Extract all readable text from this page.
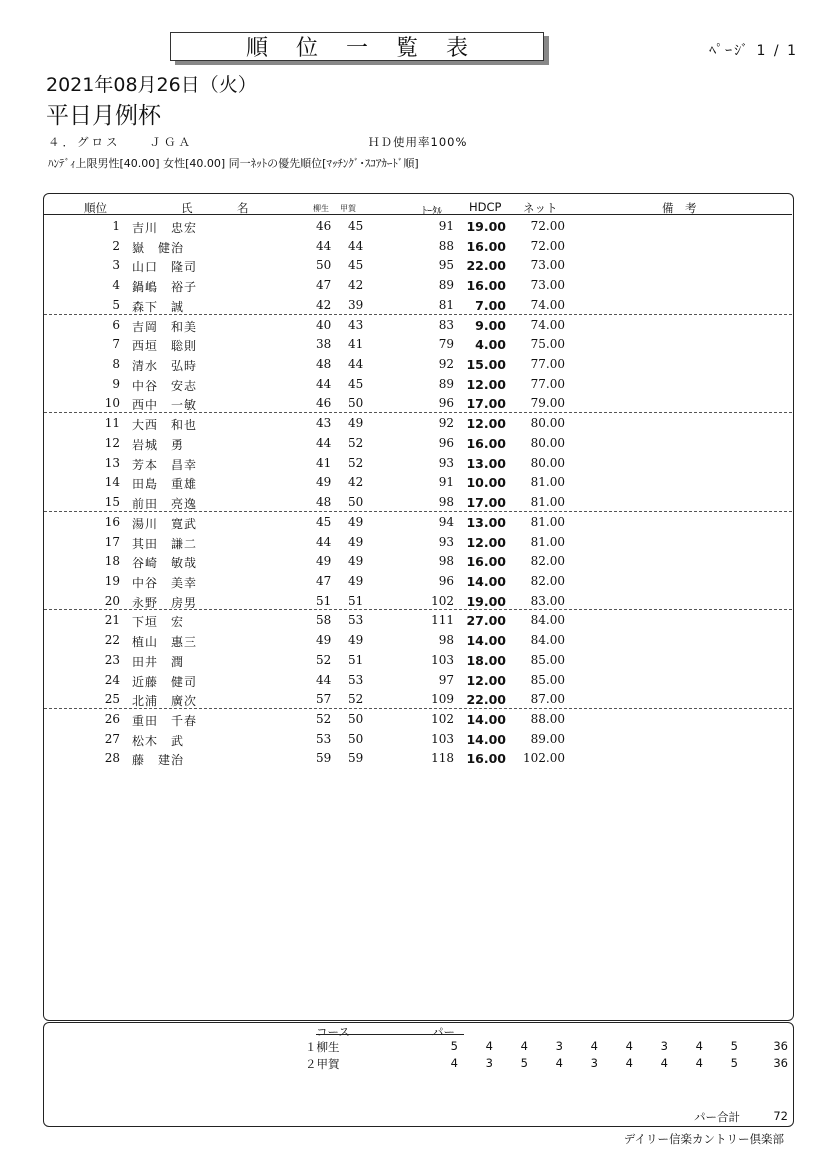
順位一覧表	ﾍﾟｰｼﾞ 1 / 1
2021年08月26日（火）
平日月例杯
４．グロス　　ＪＧＡ	ＨＤ使用率100%
ﾊﾝﾃﾞｨ上限男性[40.00] 女性[40.00] 同一ﾈｯﾄの優先順位[ﾏｯﾁﾝｸﾞ･ｽｺｱｶｰﾄﾞ順]
順位	氏	名	柳生 甲賀	ﾄｰﾀﾙ HDCP ネット	備　考
1 吉川　忠宏	46 45	91 19.00	72.00
2 嶽　健治	44 44	88 16.00	72.00
3 山口　隆司	50 45	95 22.00	73.00
4 鍋嶋　裕子	47 42	89 16.00	73.00
5 森下　誠	42 39	81	7.00	74.00
6 吉岡　和美	40 43	83	9.00	74.00
7 西垣　聡則	38 41	79	4.00	75.00
8 清水　弘時	48 44	92 15.00	77.00
9 中谷　安志	44 45	89 12.00	77.00
10 西中　一敏	46 50	96 17.00	79.00
11 大西　和也	43 49	92 12.00	80.00
12 岩城　勇	44 52	96 16.00	80.00
13 芳本　昌幸	41 52	93 13.00	80.00
14 田島　重雄	49 42	91 10.00	81.00
15 前田　亮逸	48 50	98 17.00	81.00
16 湯川　寛武	45 49	94 13.00	81.00
17 其田　謙二	44 49	93 12.00	81.00
18 谷崎　敏哉	49 49	98 16.00	82.00
19 中谷　美幸	47 49	96 14.00	82.00
20 永野　房男	51 51	102 19.00	83.00
21 下垣　宏	58 53	111 27.00	84.00
22 植山　惠三	49 49	98 14.00	84.00
23 田井　潤	52 51	103 18.00	85.00
24 近藤　健司	44 53	97 12.00	85.00
25 北浦　廣次	57 52	109 22.00	87.00
26 重田　千春	52 50	102 14.00	88.00
27 松木　武	53 50	103 14.00	89.00
28 藤　建治	59 59	118 16.00	102.00
コース	パー
１柳生	5	4	4	3	4	4	3	4	5	36
２甲賀	4	3	5	4	3	4	4	4	5	36
パー合計	72
デイリー信楽カントリー倶楽部
